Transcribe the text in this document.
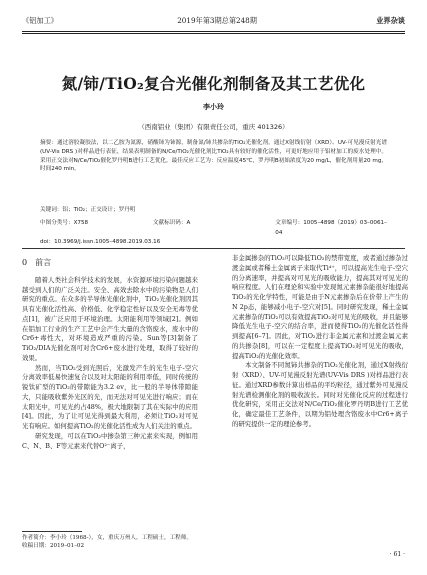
《铝加工》	2019年第3期总第248期	业界杂谈
氮/铈/TiO₂复合光催化剂制备及其工艺优化
李小玲
（西南铝业（集团）有限责任公司，重庆 401326）
摘要：通过溶胶凝胶法，以二乙胺为氮源，硝酸铈为铈源，制备氮/铈共掺杂的TiO₂光催化剂。通过X射线衍射（XRD）、UV-可见漫反射光谱(UV-Vis DRS )对样品进行表征，结果表明制备的N/Ce/TiO₂光催化剂比TiO₂具有较好的催化活性，可更好地应用于铝材加工的废水处理中。采用正交法对N/Ce/TiO₂催化罗丹明B进行工艺优化，最佳反应工艺为：反应温度45℃，罗丹明B初始浓度为20 mg/L，催化剂用量20 mg，时间240 min。
关键词：铝；TiO₂；正交设计；罗丹明
中图分类号：X758	文献标识码：A	文章编号：1005–4898（2019）03–0061–04
doi：10.3969/j.issn.1005–4898.2019.03.16

0　前言

随着人类社会科学技术的发展，水资源环境污染问题越来越受到人们的广泛关注。安全、高效去除水中的污染物是人们研究的重点。在众多的半导体光催化剂中，TiO₂光催化剂因其具有光催化活性高、价格低、化学稳定性好以及安全无毒等优点[1]，被广泛应用于环境治理。太阳能利用等领域[2]。例如在铝加工行业的生产工艺中会产生大量的含铬废水，废水中的Cr6+毒性大，对环境造成严重的污染。Sun等[3]制备了TiO₂/DIA光催化剂可对含Cr6+废水进行处理，取得了较好的效果。

然而，当TiO₂受到光照后，光激发产生的光生电子-空穴分离效率低易快速复合以及对太阳能的利用率低，同时传统的锐钛矿型的TiO₂的带隙能为3.2 ev，比一般的半导体带隙能大，只能吸收紫外光区的光，而无法对可见光进行响应；而在太阳光中，可见光约占48%，极大地限制了其在实际中的应用[4]。因此，为了让可见光得到最大利用，必须让TiO₂对可见光有响应。如何提高TiO₂的光催化活性成为人们关注的重点。

研究发现，可以在TiO₂中掺杂第三种元素来实现，例如用C、N、B、F等元素来代替O²⁻离子，

非金属掺杂的TiO₂可以降低TiO₂的禁带宽度，或者通过掺杂过渡金属或者稀土金属离子来取代Ti⁴⁺，可以提高光生电子-空穴的分离速率，并提高对可见光的吸收能力，提高其对可见光的响应程度。人们在理论和实验中发现氮元素掺杂能很好地提高TiO₂的光化学特性，可能是由于N元素掺杂后在价带上产生的N 2p态，能够减小电子-空穴对[5]。同时研究发现，稀土金属元素掺杂的TiO₂可以有效提高TiO₂对可见光的吸收，并且能够降低光生电子-空穴的结合率，进而使得TiO₂的光催化活性得到提高[6–7]。因此，对TiO₂进行非金属元素和过渡金属元素的共掺杂[8]，可以在一定程度上提高TiO₂对可见光的吸收，提高TiO₂的光催化效率。

本文制备不同氮铈共掺杂的TiO₂光催化剂，通过X射线衍射（XRD）、UV-可见漫反射光谱(UV-Vis DRS )对样品进行表征。通过XRD参数计算出样品的平均粒径，通过紫外可见漫反射光谱检测催化剂的吸收波长。同时对光催化反应的过程进行优化研究，采用正交法对N/Ce/TiO₂催化罗丹明B进行工艺优化，确定最佳工艺条件，以期为铝处理含铬废水中Cr6+离子的研究提供一定的理论参考。

作者简介：李小玲（1968-），女，重庆万州人，工程硕士，工程师。
收稿日期：2019–01–02
· 61 ·
